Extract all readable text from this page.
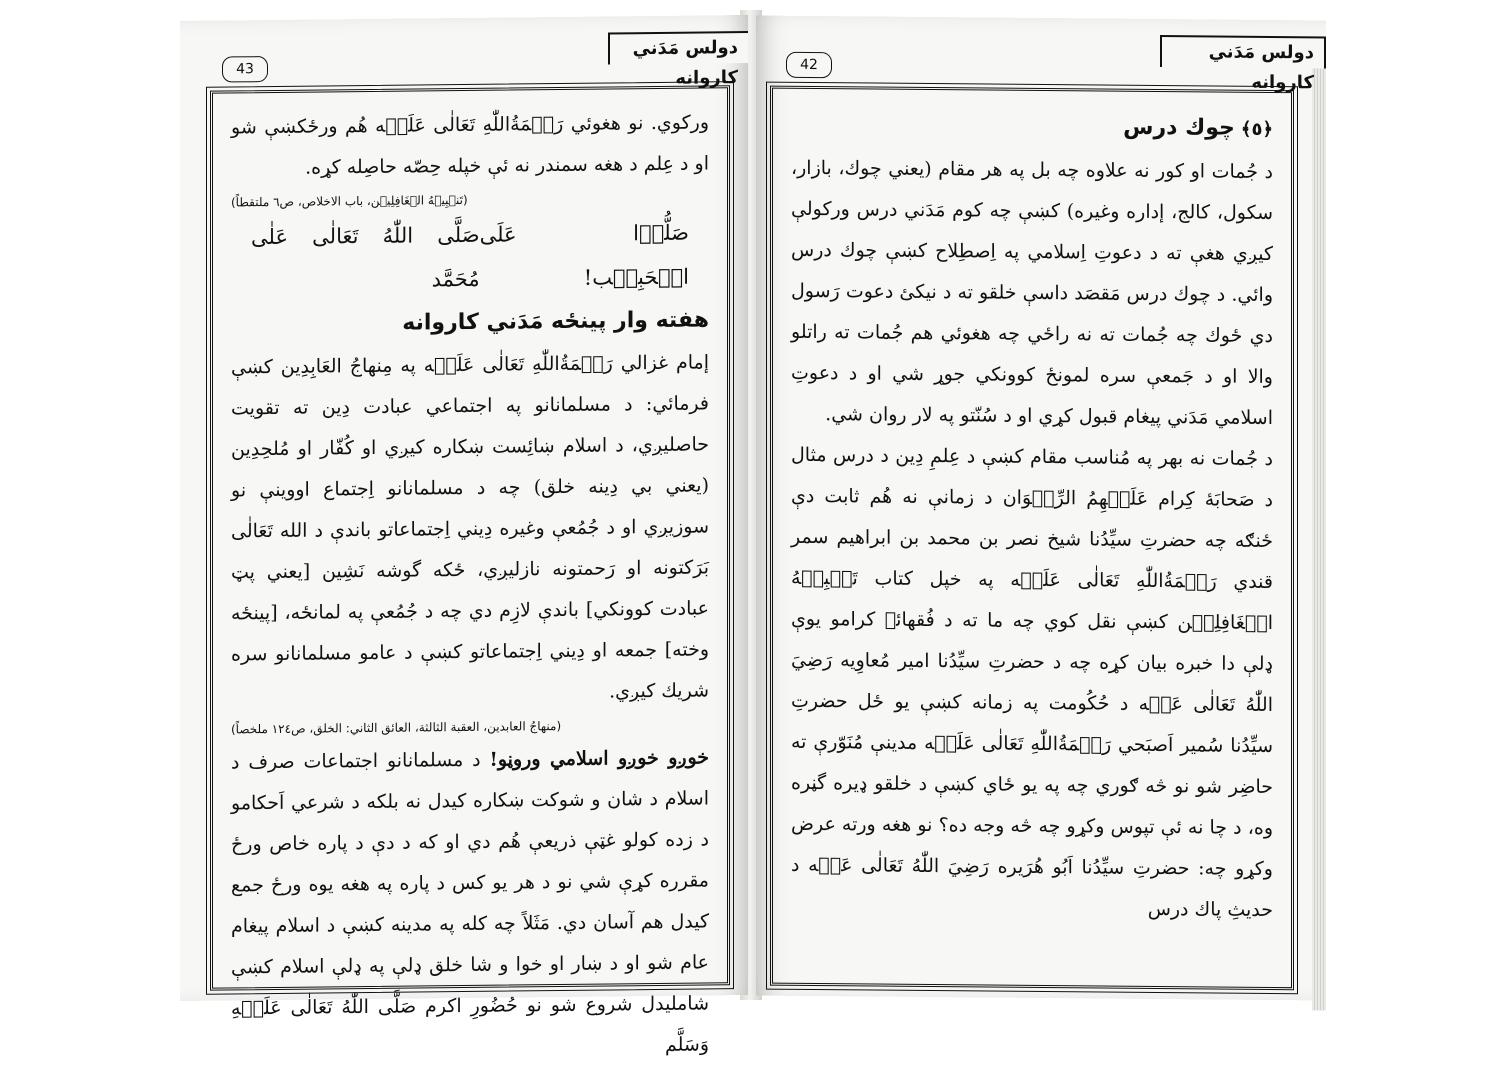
43
دولس مَدَني كاروانه

وركوي. نو هغوئي رَحۡمَةُاللّٰهِ تَعَالٰى عَلَيۡه هُم ورځكښې شو او د عِلم د هغه سمندر نه ئې خپله حِصّه حاصِله كړه.

(تَنۡبِيۡهُ الۡغَافِلِيۡن، باب الاخلاص، ص٦ ملتقطاً)
صَلُّوۡا عَلَى الۡحَبِيۡب!
صَلَّى اللّٰهُ تَعَالٰى عَلٰى مُحَمَّد
هفته وار پينځه مَدَني كاروانه

إمام غزالي رَحۡمَةُاللّٰهِ تَعَالٰى عَلَيۡه په مِنهاجُ العَابِدِين كښې فرمائي: د مسلمانانو په اجتماعي عبادت دِين ته تقويت حاصليږي، د اسلام ښائِست ښكاره كيږي او كُفّار او مُلحِدِين (يعني بي دِينه خلق) چه د مسلمانانو اِجتماع اووينې نو سوزيږي او د جُمُعې وغيره دِيني اِجتماعاتو باندې د الله تَعَالٰى بَرَكتونه او رَحمتونه نازليږي، ځكه گوشه نَشِين [يعني پټ عبادت كوونكي] باندې لازِم دي چه د جُمُعې په لمانځه، [پينځه وخته] جمعه او دِيني اِجتماعاتو كښې د عامو مسلمانانو سره شريك كيږي.

(منهاجُ العابدين، العقبة الثالثة، العائق الثاني: الخلق، ص١٢٤ ملخصاً)

خوږو خوږو اسلامي وروڼو! د مسلمانانو اجتماعات صرف د اسلام د شان و شوكت ښكاره كيدل نه بلكه د شرعي اَحكامو د زده كولو غټې ذريعې هُم دي او كه د دې د پاره خاص ورځ مقرره كړې شي نو د هر يو كس د پاره په هغه يوه ورځ جمع كيدل هم آسان دي. مَثَلاً چه كله په مدينه كښې د اسلام پيغام عام شو او د ښار او خوا و شا خلق ډلې په ډلې اسلام كښې شامليدل شروع شو نو حُضُورِ اكرم صَلَّى اللّٰهُ تَعَالٰى عَلَيۡهِ وَسَلَّم

42
دولس مَدَني كاروانه
﴿٥﴾چوك درس

د جُمات او كور نه علاوه چه بل په هر مقام (يعني چوك، بازار، سكول، كالج، إداره وغيره) كښې چه كوم مَدَني درس وركولې كيږي هغې ته د دعوتِ اِسلامي په اِصطِلاح كښې چوك درس وائي. د چوك درس مَقصَد داسې خلقو ته د نيكئ دعوت رَسول دي ځوك چه جُمات ته نه راځي چه هغوئي هم جُمات ته راتلو والا او د جَمعې سره لمونځ كوونكي جوړ شي او د دعوتِ اسلامي مَدَني پيغام قبول كړي او د سُنّتو په لار روان شي.

د جُمات نه بهر په مُناسب مقام كښې د عِلمِ دِين د درس مثال د صَحابَهٔ كِرام عَلَيۡهِمُ الرِّضۡوَان د زمانې نه هُم ثابت دې ځنګه چه حضرتِ سيِّدُنا شيخ نصر بن محمد بن ابراهيم سمر قندي رَحۡمَةُاللّٰهِ تَعَالٰى عَلَيۡه په خپل كتاب تَنۡبِيۡهُ الۡغَافِلِيۡن كښې نقل كوي چه ما ته د فُقهائے كرامو يوې ډلې دا خبره بيان كړه چه د حضرتِ سيِّدُنا امير مُعاوِيه رَضِيَ اللّٰهُ تَعَالٰى عَنۡه د حُكُومت په زمانه كښې يو ځل حضرتِ سيِّدُنا سُمير اَصبَحي رَحۡمَةُاللّٰهِ تَعَالٰى عَلَيۡه مدينې مُنَوّرې ته حاضِر شو نو څه ګوري چه په يو ځاي كښې د خلقو ډيره گڼره وه، د چا نه ئې تپوس وكړو چه څه وجه ده؟ نو هغه ورته عرض وكړو چه: حضرتِ سيِّدُنا اَبُو هُرَيره رَضِيَ اللّٰهُ تَعَالٰى عَنۡه د حديثِ پاك درس
